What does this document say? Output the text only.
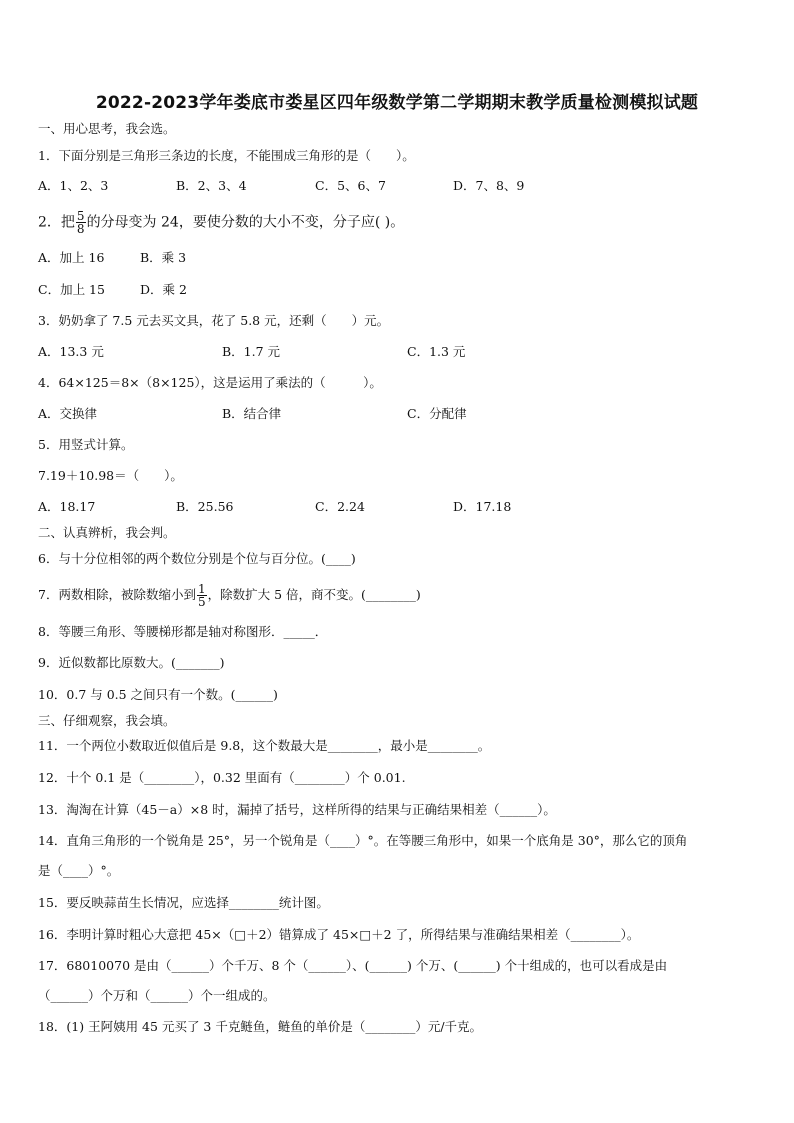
2022-2023学年娄底市娄星区四年级数学第二学期期末教学质量检测模拟试题
一、用心思考，我会选。
1．下面分别是三角形三条边的长度，不能围成三角形的是（　　）。
A．1、2、3	B．2、3、4	C．5、6、7	D．7、8、9
2．把 $\frac{5}{8}$ 的分母变为 24，要使分数的大小不变，分子应( )。
A．加上 16	B．乘 3
C．加上 15	D．乘 2
3．奶奶拿了 7.5 元去买文具，花了 5.8 元，还剩（　　）元。
A．13.3 元	B．1.7 元	C．1.3 元
4．64×125＝8×（8×125），这是运用了乘法的（　　　）。
A．交换律	B．结合律	C．分配律
5．用竖式计算。
7.19＋10.98＝（　　）。
A．18.17	B．25.56	C．2.24	D．17.18
二、认真辨析，我会判。
6．与十分位相邻的两个数位分别是个位与百分位。(____)
7．两数相除，被除数缩小到 $\frac{1}{5}$ ，除数扩大 5 倍，商不变。(________)
8．等腰三角形、等腰梯形都是轴对称图形．_____．
9．近似数都比原数大。(_______)
10．0.7 与 0.5 之间只有一个数。(______)
三、仔细观察，我会填。
11．一个两位小数取近似值后是 9.8，这个数最大是________，最小是________。
12．十个 0.1 是（________），0.32 里面有（________）个 0.01.
13．淘淘在计算（45－a）×8 时，漏掉了括号，这样所得的结果与正确结果相差（______）。
14．直角三角形的一个锐角是 25°，另一个锐角是（____）°。在等腰三角形中，如果一个底角是 30°，那么它的顶角
是（____）°。
15．要反映蒜苗生长情况，应选择________统计图。
16．李明计算时粗心大意把 45×（□＋2）错算成了 45×□＋2 了，所得结果与准确结果相差（________）。
17．68010070 是由（______）个千万、8 个（______）、(______) 个万、(______) 个十组成的，也可以看成是由
（______）个万和（______）个一组成的。
18．(1) 王阿姨用 45 元买了 3 千克鲢鱼，鲢鱼的单价是（________）元/千克。
